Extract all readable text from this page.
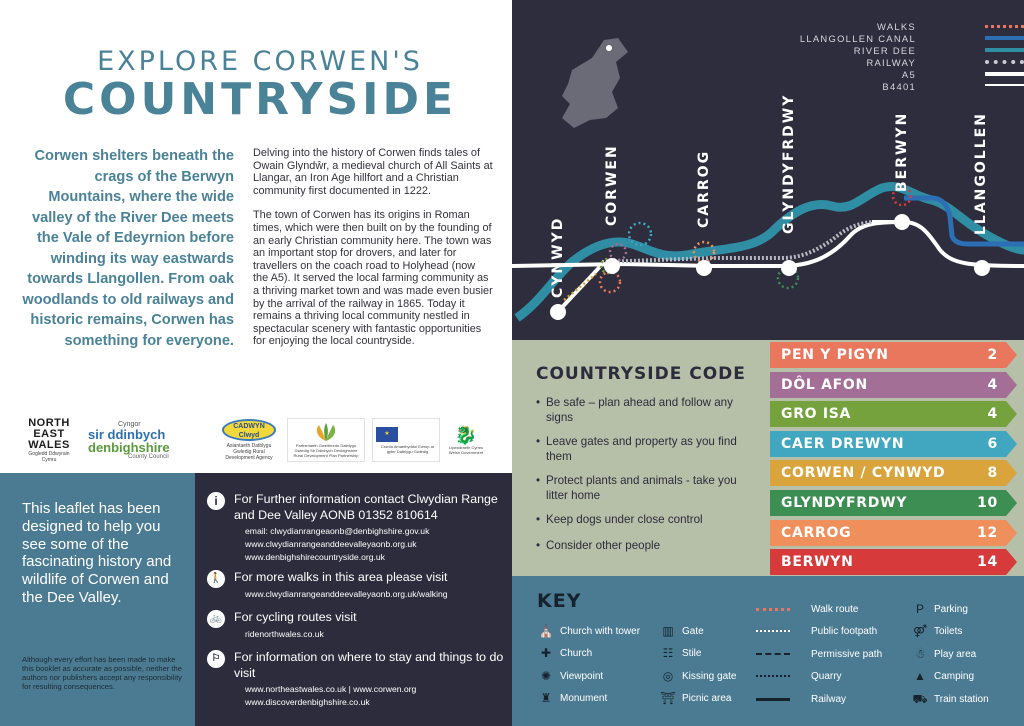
EXPLORE CORWEN'S
COUNTRYSIDE
Corwen shelters beneath the crags of the Berwyn Mountains, where the wide valley of the River Dee meets the Vale of Edeyrnion before winding its way eastwards towards Llangollen. From oak woodlands to old railways and historic remains, Corwen has something for everyone.

Delving into the history of Corwen finds tales of Owain Glyndŵr, a medieval church of All Saints at Llangar, an Iron Age hillfort and a Christian community first documented in 1222.

The town of Corwen has its origins in Roman times, which were then built on by the founding of an early Christian community here. The town was an important stop for drovers, and later for travellers on the coach road to Holyhead (now the A5). It served the local farming community as a thriving market town and was made even busier by the arrival of the railway in 1865. Today it remains a thriving local community nestled in spectacular scenery with fantastic opportunities for enjoying the local countryside.

NORTH EAST WALES
Gogledd Ddwyrain Cymru
Cyngor
sir ddinbych
denbighshire
County Council
CADWYN Clwyd
Asiantaeth Datblygu Gwledig Rural Development Agency
Partneriaeth Gweithredu Datblygu Gwledig Sir Ddinbych Denbighshire Rural Development Plan Partnership
★
Cronfa Amaethyddol Ewrop ar gyfer Datblygu Gwledig
🐉
Llywodraeth Cymru Welsh Government
This leaflet has been designed to help you see some of the fascinating history and wildlife of Corwen and the Dee Valley.
Although every effort has been made to make this booklet as accurate as possible, neither the authors nor publishers accept any responsibility for resulting consequences.
i	For Further information contact Clwydian Range and Dee Valley AONB 01352 810614
email: clwydianrangeaonb@denbighshire.gov.uk
www.clwydianrangeanddeevalleyaonb.org.uk
www.denbighshirecountryside.org.uk
🚶 For more walks in this area please visit
www.clwydianrangeanddeevalleyaonb.org.uk/walking
🚲 For cycling routes visit
ridenorthwales.co.uk
⚐	For information on where to stay and things to do visit
www.northeastwales.co.uk | www.corwen.org
www.discoverdenbighshire.co.uk
WALKS
LLANGOLLEN CANAL
RIVER DEE
RAILWAY
A5
B4401
CYNWYD
CORWEN	CARROG	GLYNDYFRDWY	BERWYN	LLANGOLLEN
COUNTRYSIDE CODE
• Be safe – plan ahead and follow any signs
• Leave gates and property as you find them
• Protect plants and animals - take you litter home
• Keep dogs under close control
• Consider other people
PEN Y PIGYN	2
DÔL AFON	4
GRO ISA	4
CAER DREWYN	6
CORWEN / CYNWYD	8
GLYNDYFRDWY	10
CARROG	12
BERWYN	14
KEY
⛪ Church with tower
✚ Church
✺ Viewpoint
♜ Monument
▥ Gate
☷ Stile
◎ Kissing gate
⛩ Picnic area
Walk route
Public footpath
Permissive path
Quarry
Railway
P	Parking
⚤ Toilets
☃ Play area
▲ Camping
⛟ Train station
